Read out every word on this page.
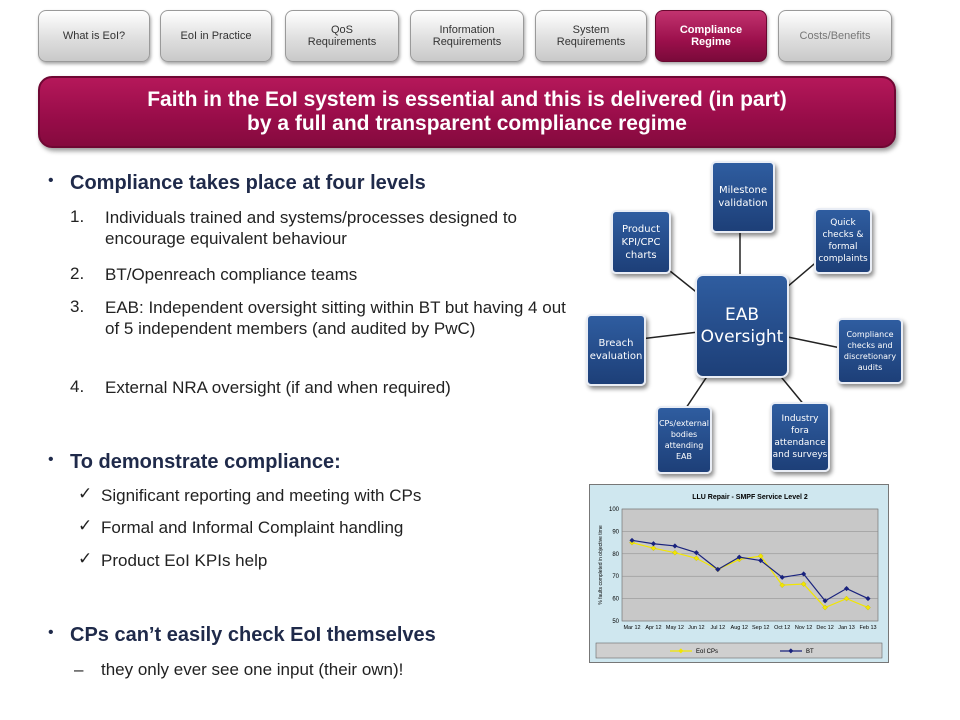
What is EoI?	EoI in Practice	QoS
Requirements
Information
Requirements
System
Requirements
Compliance
Regime	Costs/Benefits
Faith in the EoI system is essential and this is delivered (in part)
by a full and transparent compliance regime
• Compliance takes place at four levels
1. Individuals trained and systems/processes designed to encourage equivalent behaviour
2. BT/Openreach compliance teams
3. EAB: Independent oversight sitting within BT but having 4 out of 5 independent members (and audited by PwC)
4. External NRA oversight (if and when required)
• To demonstrate compliance:
✓ Significant reporting and meeting with CPs
✓ Formal and Informal Complaint handling
✓ Product EoI KPIs help
• CPs can’t easily check EoI themselves
– they only ever see one input (their own)!
EAB
Oversight
Milestone
validation
Quick
checks &
formal
complaints
Compliance
checks and
discretionary
audits
Industry
fora
attendance
and surveys
CPs/external
bodies
attending
EAB
Breach
evaluation
Product
KPI/CPC
charts
LLU Repair - SMPF Service Level 2
50
60
70
80
90
100
% faults completed in objective time
Mar 12 Apr 12 May 12 Jun 12 Jul 12 Aug 12 Sep 12 Oct 12 Nov 12 Dec 12 Jan 13 Feb 13
EoI CPs	BT
